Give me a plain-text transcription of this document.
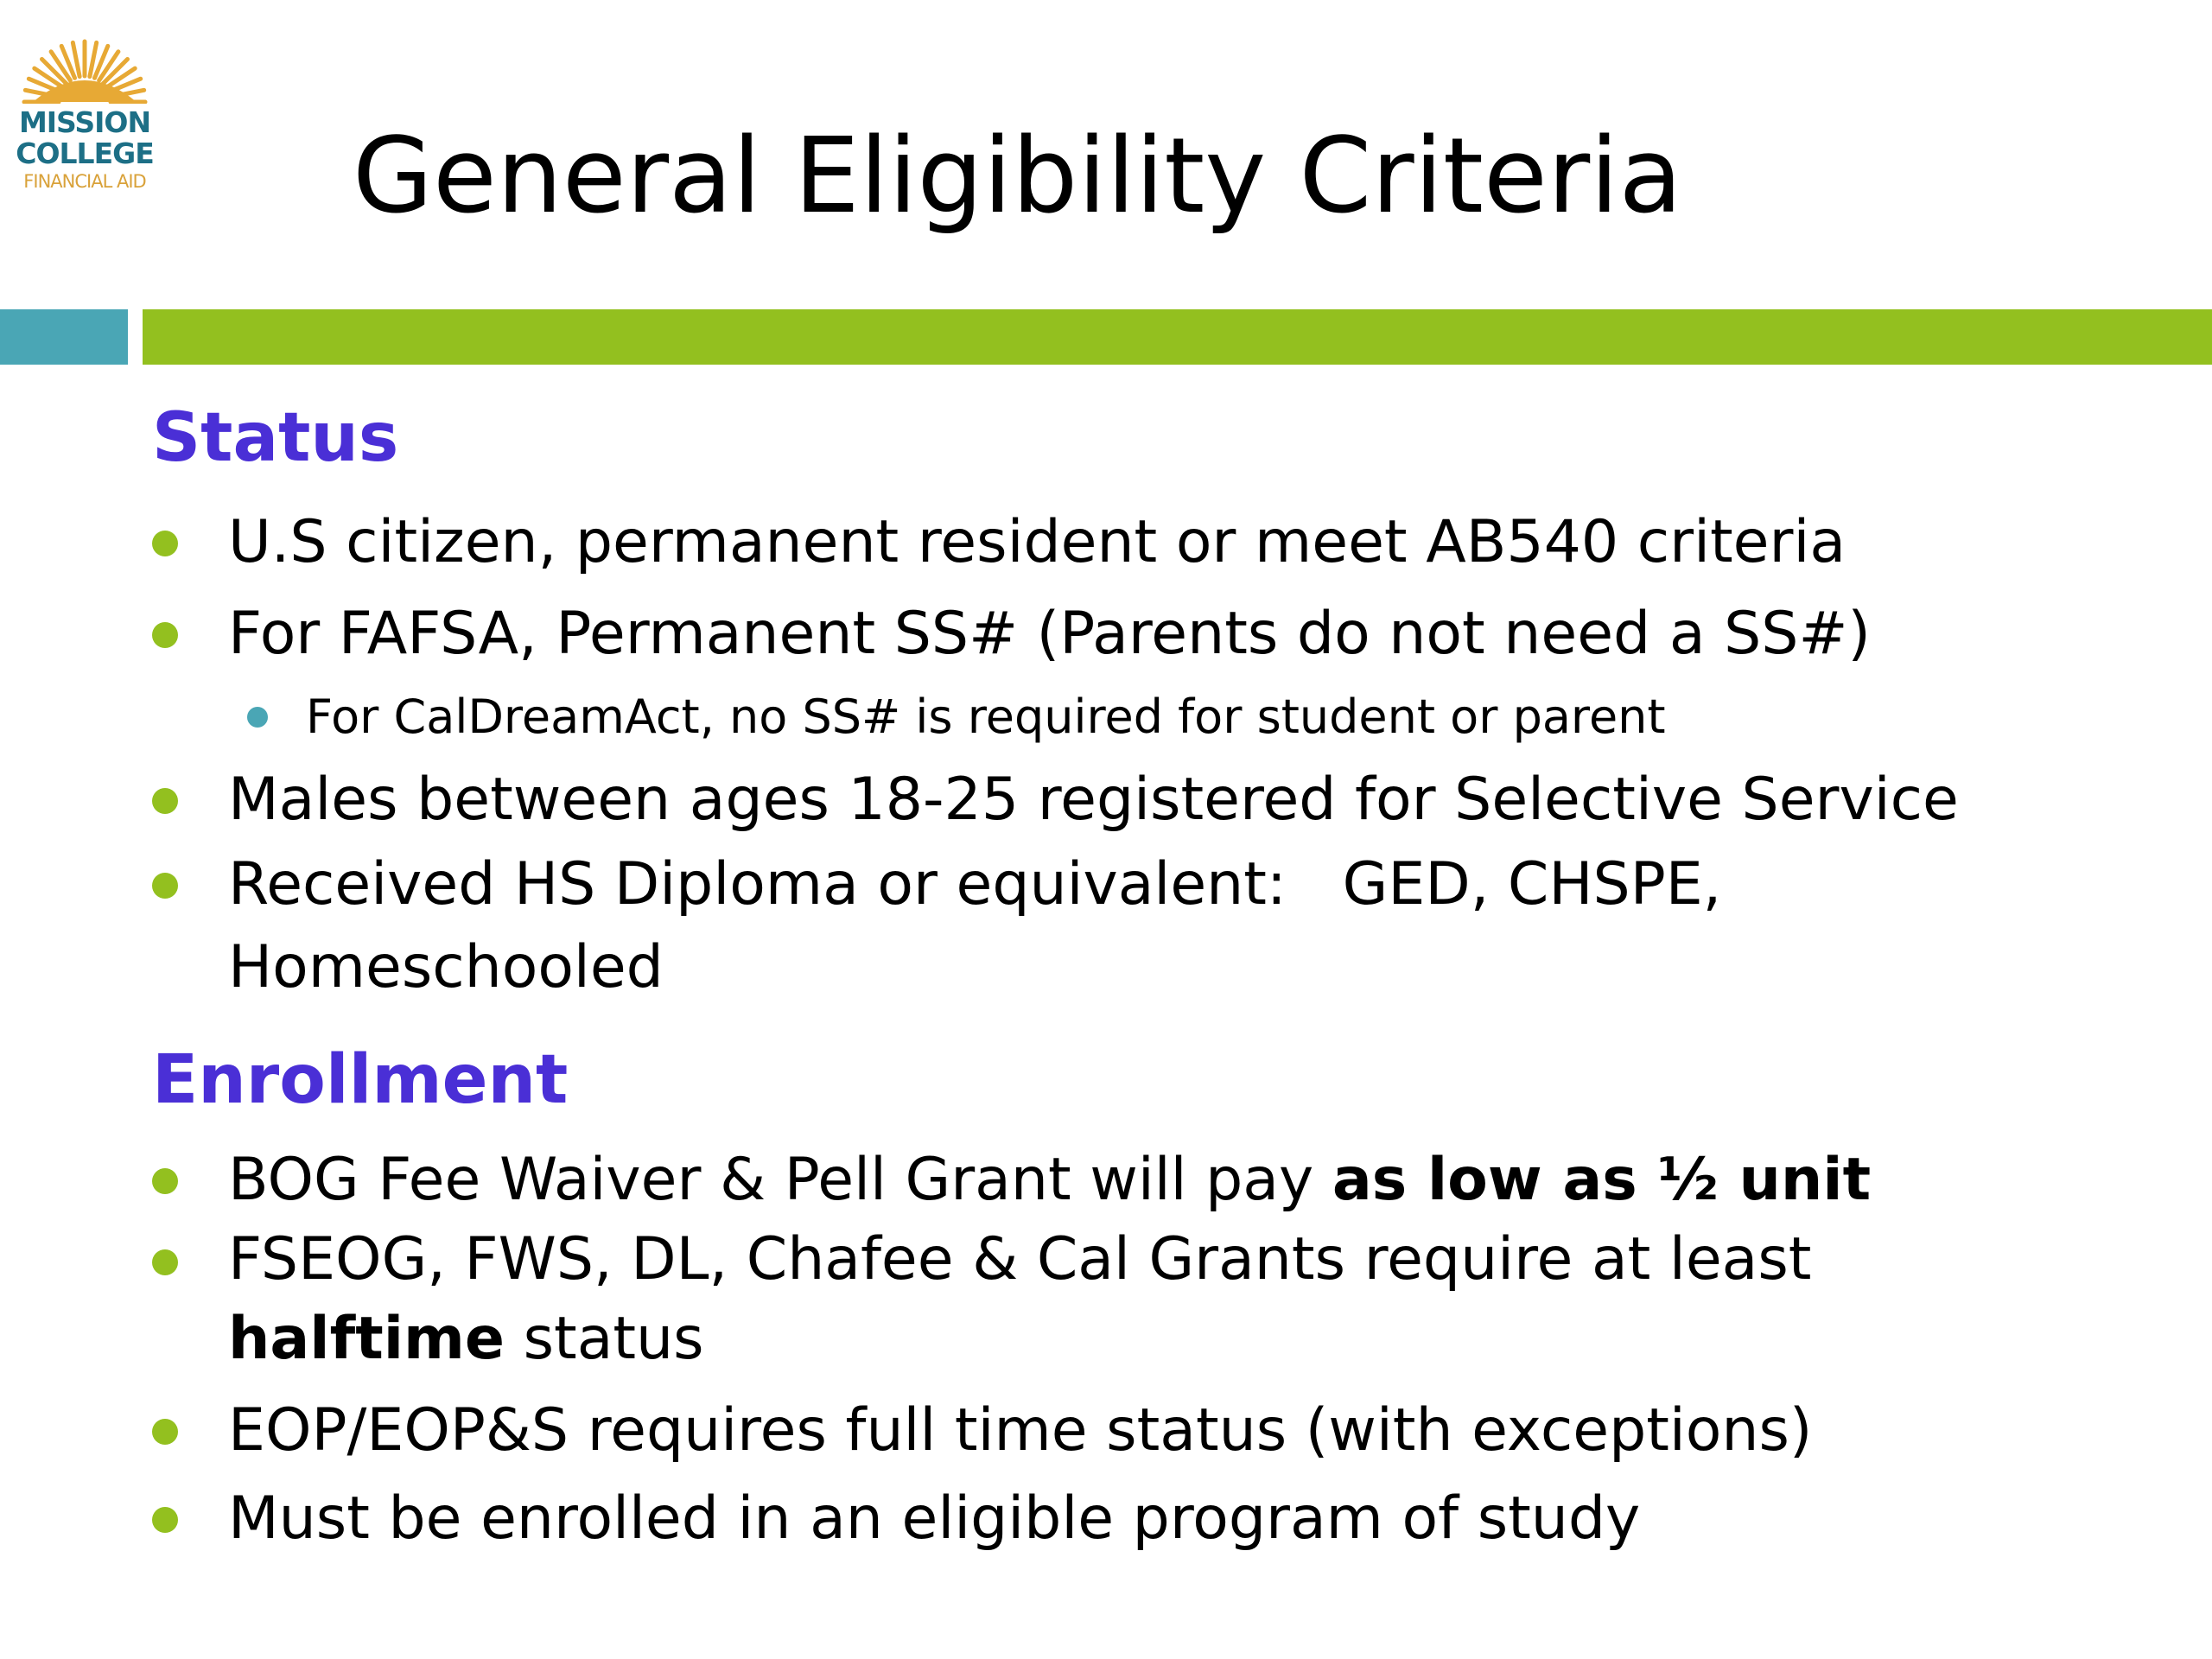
MISSION
COLLEGE
FINANCIAL AID General Eligibility Criteria
Status
U.S citizen, permanent resident or meet AB540 criteria
For FAFSA, Permanent SS# (Parents do not need a SS#)
For CalDreamAct, no SS# is required for student or parent
Males between ages 18-25 registered for Selective Service
Received HS Diploma or equivalent:   GED, CHSPE,
Homeschooled
Enrollment
BOG Fee Waiver & Pell Grant will pay as low as ½ unit
FSEOG, FWS, DL, Chafee & Cal Grants require at least
halftime status
EOP/EOP&S requires full time status (with exceptions)
Must be enrolled in an eligible program of study
